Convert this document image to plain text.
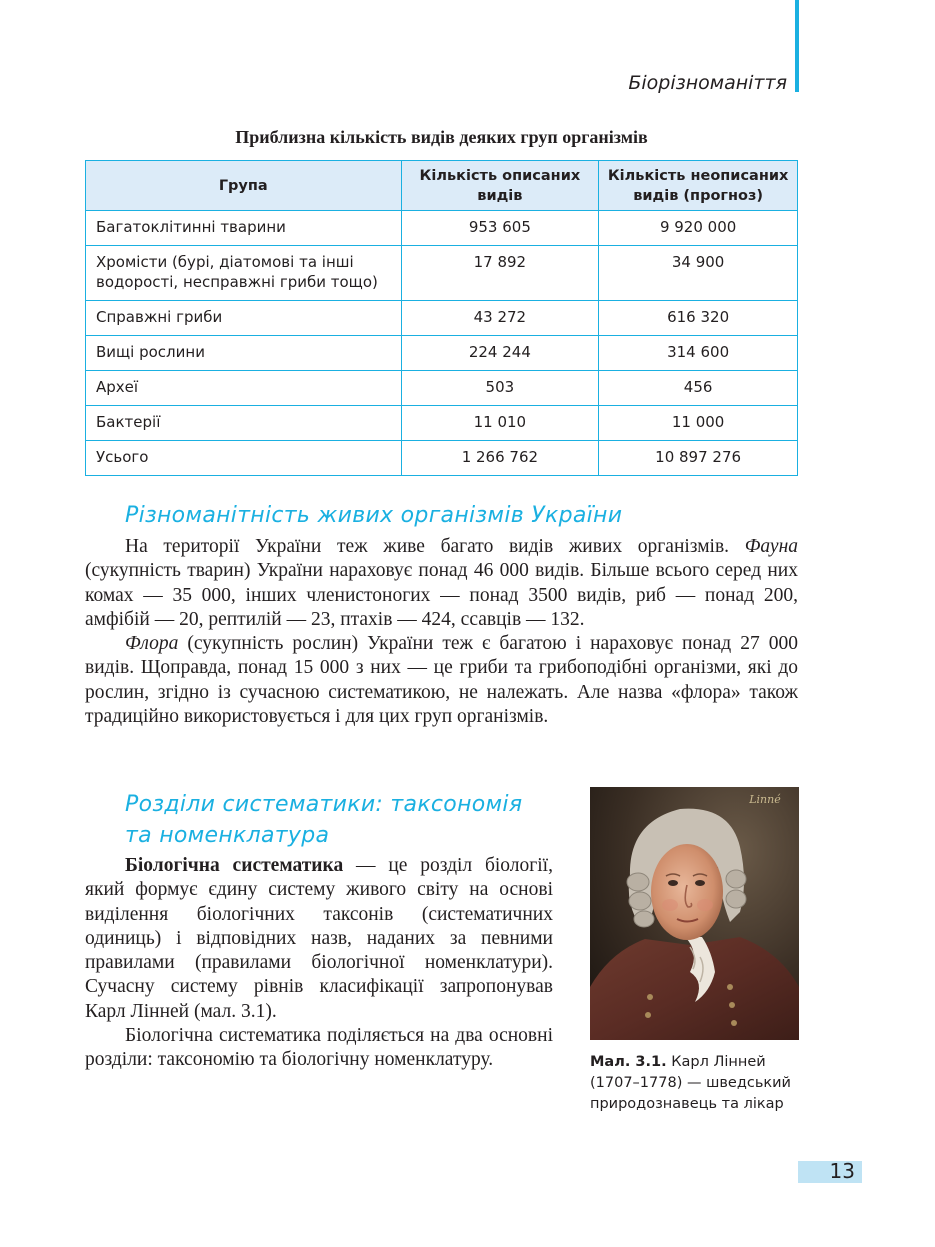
Біорізноманіття
Приблизна кількість видів деяких груп організмів
Група	Кількість описаних видів	Кількість неописаних видів (прогноз)
Багатоклітинні тварини	953 605	9 920 000
Хромісти (бурі, діатомові та інші водорості, несправжні гриби тощо)	17 892	34 900
Справжні гриби	43 272	616 320
Вищі рослини	224 244	314 600
Археї	503	456
Бактерії	11 010	11 000
Усього	1 266 762	10 897 276
Різноманітність живих організмів України

На території України теж живе багато видів живих організмів. Фауна (сукупність тварин) України нараховує понад 46 000 видів. Більше всього серед них комах — 35 000, інших членистоногих — понад 3500 видів, риб — понад 200, амфібій — 20, рептилій — 23, птахів — 424, ссавців — 132.

Флора (сукупність рослин) України теж є багатою і нараховує понад 27 000 видів. Щоправда, понад 15 000 з них — це гриби та грибоподібні організми, які до рослин, згідно із сучасною систематикою, не належать. Але назва «флора» також традиційно використовується і для цих груп організмів.

Розділи систематики: таксономія
та номенклатура

Біологічна систематика — це розділ біології, який формує єдину систему живого світу на основі виділення біологічних таксонів (систематичних одиниць) і відповідних назв, наданих за певними правилами (правилами біологічної номенклатури). Сучасну систему рівнів класифікації запропонував Карл Лінней (мал. 3.1).

Біологічна систематика поділяється на два основні розділи: таксономію та біологічну номенклатуру.

Linné
Мал. 3.1. Карл Лінней (1707–1778) — шведський природознавець та лікар
13
